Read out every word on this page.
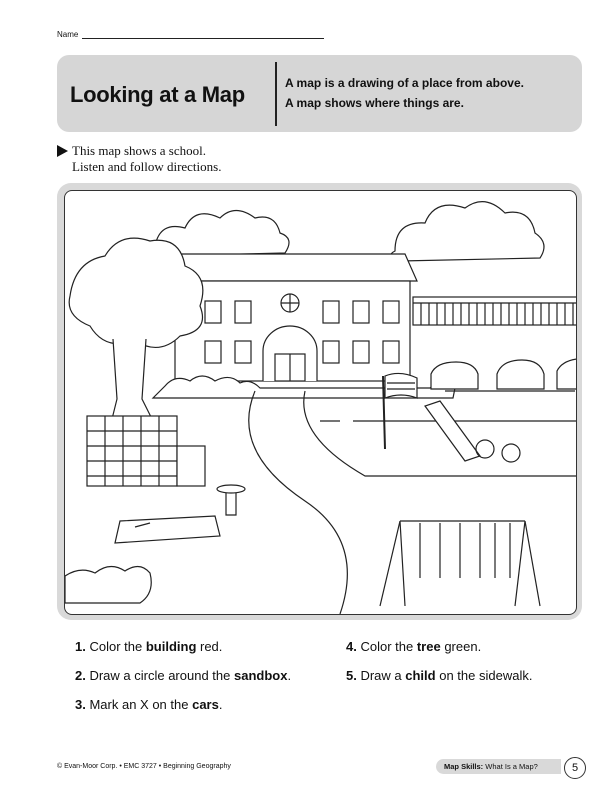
Name
Looking at a Map	A map is a drawing of a place from above.
A map shows where things are.
This map shows a school.
Listen and follow directions.
1. Color the building red.
2. Draw a circle around the sandbox.
3. Mark an X on the cars.
4. Color the tree green.
5. Draw a child on the sidewalk.
© Evan-Moor Corp. • EMC 3727 • Beginning Geography	Map Skills: What Is a Map?	5
